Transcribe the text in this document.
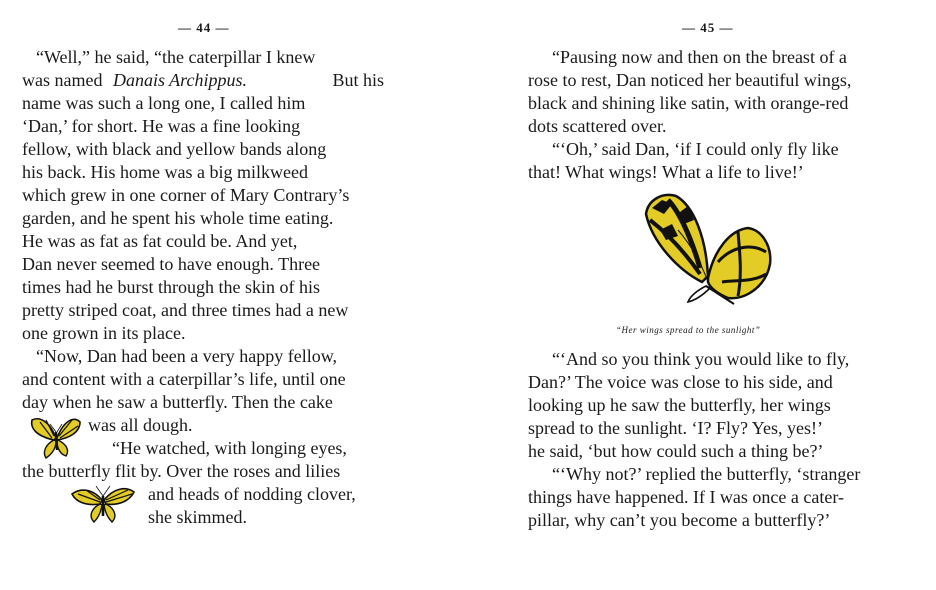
— 44 —
“Well,” he said, “the caterpillar I knew
was named Danais Archippus.	But his
name was such a long one, I called him
‘Dan,’ for short. He was a fine looking
fellow, with black and yellow bands along
his back. His home was a big milkweed
which grew in one corner of Mary Contrary’s
garden, and he spent his whole time eating.
He was as fat as fat could be. And yet,
Dan never seemed to have enough. Three
times had he burst through the skin of his
pretty striped coat, and three times had a new
one grown in its place.
“Now, Dan had been a very happy fellow,
and content with a caterpillar’s life, until one
day when he saw a butterfly. Then the cake
was all dough.
“He watched, with longing eyes,
the butterfly flit by. Over the roses and lilies
and heads of nodding clover,
she skimmed.
— 45 —
“Pausing now and then on the breast of a
rose to rest, Dan noticed her beautiful wings,
black and shining like satin, with orange-red
dots scattered over.
“‘Oh,’ said Dan, ‘if I could only fly like
that! What wings! What a life to live!’
“Her wings spread to the sunlight”
“‘And so you think you would like to fly,
Dan?’ The voice was close to his side, and
looking up he saw the butterfly, her wings
spread to the sunlight. ‘I? Fly? Yes, yes!’
he said, ‘but how could such a thing be?’
“‘Why not?’ replied the butterfly, ‘stranger
things have happened. If I was once a cater-
pillar, why can’t you become a butterfly?’
